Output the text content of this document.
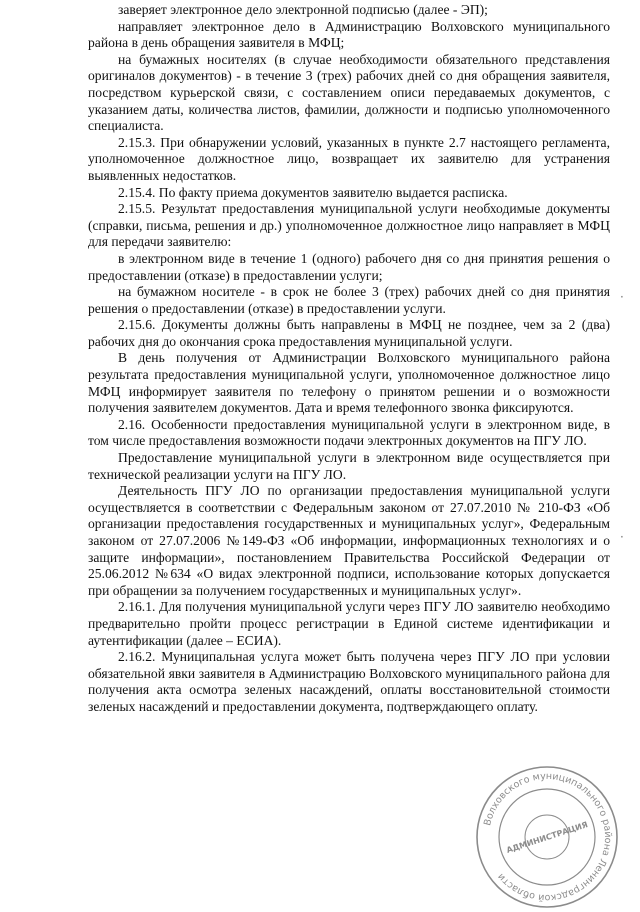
заверяет электронное дело электронной подписью (далее - ЭП);

направляет электронное дело в Администрацию Волховского муниципального района в день обращения заявителя в МФЦ;

на бумажных носителях (в случае необходимости обязательного представления оригиналов документов) - в течение 3 (трех) рабочих дней со дня обращения заявителя, посредством курьерской связи, с составлением описи передаваемых документов, с указанием даты, количества листов, фамилии, должности и подписью уполномоченного специалиста.

2.15.3. При обнаружении условий, указанных в пункте 2.7 настоящего регламента, уполномоченное должностное лицо, возвращает их заявителю для устранения выявленных недостатков.

2.15.4. По факту приема документов заявителю выдается расписка.

2.15.5. Результат предоставления муниципальной услуги необходимые документы (справки, письма, решения и др.) уполномоченное должностное лицо направляет в МФЦ для передачи заявителю:

в электронном виде в течение 1 (одного) рабочего дня со дня принятия решения о предоставлении (отказе) в предоставлении услуги;

на бумажном носителе - в срок не более 3 (трех) рабочих дней со дня принятия решения о предоставлении (отказе) в предоставлении услуги.

2.15.6. Документы должны быть направлены в МФЦ не позднее, чем за 2 (два) рабочих дня до окончания срока предоставления муниципальной услуги.

В день получения от Администрации Волховского муниципального района результата предоставления муниципальной услуги, уполномоченное должностное лицо МФЦ информирует заявителя по телефону о принятом решении и о возможности получения заявителем документов. Дата и время телефонного звонка фиксируются.

2.16. Особенности предоставления муниципальной услуги в электронном виде, в том числе предоставления возможности подачи электронных документов на ПГУ ЛО.

Предоставление муниципальной услуги в электронном виде осуществляется при технической реализации услуги на ПГУ ЛО.

Деятельность ПГУ ЛО по организации предоставления муниципальной услуги осуществляется в соответствии с Федеральным законом от 27.07.2010 № 210-ФЗ «Об организации предоставления государственных и муниципальных услуг», Федеральным законом от 27.07.2006 №149-ФЗ «Об информации, информационных технологиях и о защите информации», постановлением Правительства Российской Федерации от 25.06.2012 №634 «О видах электронной подписи, использование которых допускается при обращении за получением государственных и муниципальных услуг».

2.16.1. Для получения муниципальной услуги через ПГУ ЛО заявителю необходимо предварительно пройти процесс регистрации в Единой системе идентификации и аутентификации (далее – ЕСИА).

2.16.2. Муниципальная услуга может быть получена через ПГУ ЛО при условии обязательной явки заявителя в Администрацию Волховского муниципального района для получения акта осмотра зеленых насаждений, оплаты восстановительной стоимости зеленых насаждений и предоставлении документа, подтверждающего оплату.

·
·
Волховского муниципального района Ленинградской области
АДМИНИСТРАЦИЯ
